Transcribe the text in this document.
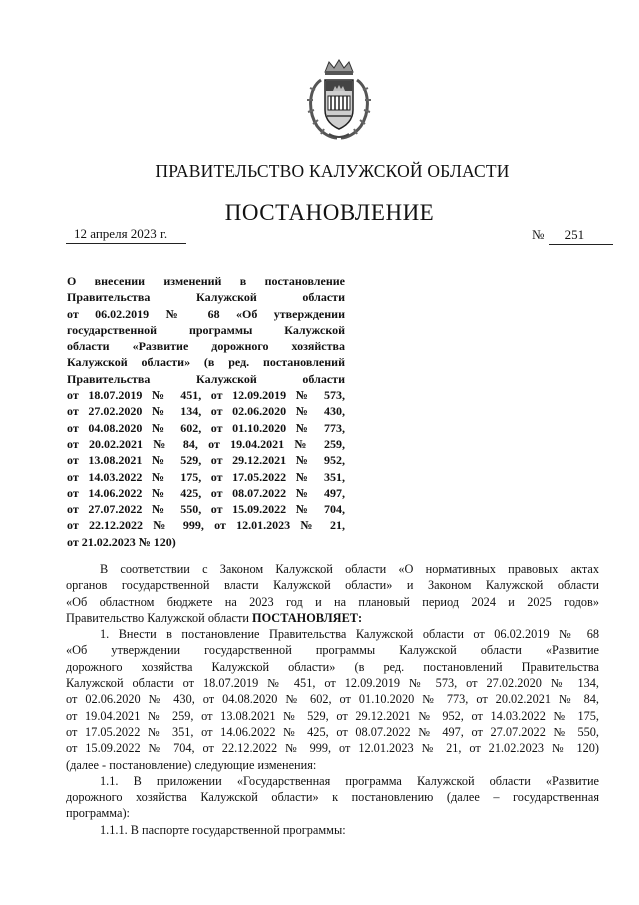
ПРАВИТЕЛЬСТВО КАЛУЖСКОЙ ОБЛАСТИ
ПОСТАНОВЛЕНИЕ
12 апреля 2023 г.	№ 251
О внесении изменений в постановление
Правительства Калужской области
от 06.02.2019 № 68 «Об утверждении
государственной программы Калужской
области «Развитие дорожного хозяйства
Калужской области» (в ред. постановлений
Правительства Калужской области
от 18.07.2019 № 451, от 12.09.2019 № 573,
от 27.02.2020 № 134, от 02.06.2020 № 430,
от 04.08.2020 № 602, от 01.10.2020 № 773,
от 20.02.2021 № 84, от 19.04.2021 № 259,
от 13.08.2021 № 529, от 29.12.2021 № 952,
от 14.03.2022 № 175, от 17.05.2022 № 351,
от 14.06.2022 № 425, от 08.07.2022 № 497,
от 27.07.2022 № 550, от 15.09.2022 № 704,
от 22.12.2022 № 999, от 12.01.2023 № 21,
от 21.02.2023 № 120)
В соответствии с Законом Калужской области «О нормативных правовых актах
органов государственной власти Калужской области» и Законом Калужской области
«Об областном бюджете на 2023 год и на плановый период 2024 и 2025 годов»
Правительство Калужской области ПОСТАНОВЛЯЕТ:
1. Внести в постановление Правительства Калужской области от 06.02.2019 № 68
«Об утверждении государственной программы Калужской области «Развитие
дорожного хозяйства Калужской области» (в ред. постановлений Правительства
Калужской области от 18.07.2019 № 451, от 12.09.2019 № 573, от 27.02.2020 № 134,
от 02.06.2020 № 430, от 04.08.2020 № 602, от 01.10.2020 № 773, от 20.02.2021 № 84,
от 19.04.2021 № 259, от 13.08.2021 № 529, от 29.12.2021 № 952, от 14.03.2022 № 175,
от 17.05.2022 № 351, от 14.06.2022 № 425, от 08.07.2022 № 497, от 27.07.2022 № 550,
от 15.09.2022 № 704, от 22.12.2022 № 999, от 12.01.2023 № 21, от 21.02.2023 № 120)
(далее - постановление) следующие изменения:
1.1. В приложении «Государственная программа Калужской области «Развитие
дорожного хозяйства Калужской области» к постановлению (далее – государственная
программа):
1.1.1. В паспорте государственной программы:
